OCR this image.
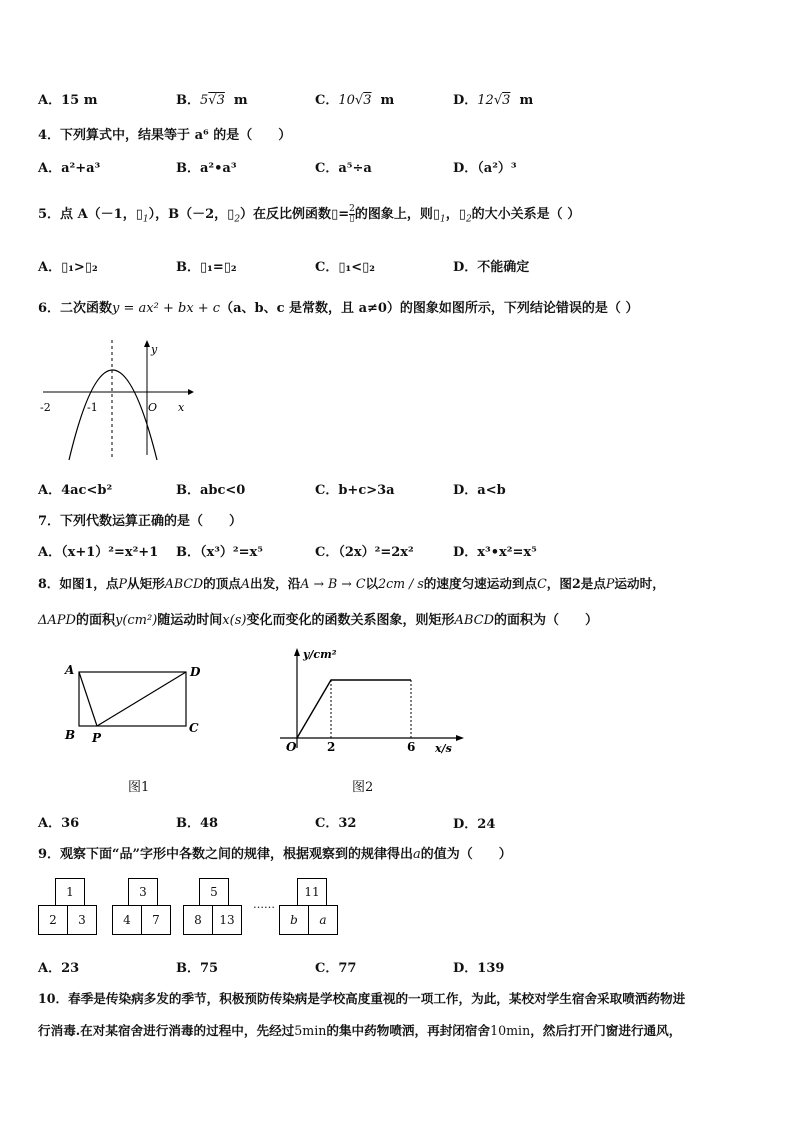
A．15 m	B．5√3 m	C．10√3 m	D．12√3 m
4．下列算式中，结果等于 a⁶ 的是（　　）
A．a²+a³	B．a²•a³	C．a⁵÷a	D．（a²）³
5．点 A（－1，$▯_1$），B（－2，$▯_2$）在反比例函数▯= 2
▯ 的图象上，则$▯_1$，$▯_2$的大小关系是（ ）
A．▯₁>▯₂	B．▯₁=▯₂	C．▯₁<▯₂	D．不能确定
6．二次函数y = ax² + bx + c（a、b、c 是常数，且 a≠0）的图象如图所示，下列结论错误的是（ ）
-2	-1	O x
y
A．4ac<b²	B．abc<0	C．b+c>3a	D．a<b
7．下列代数运算正确的是（　　）
A．（x+1）²=x²+1 B．（x³）²=x⁵	C．（2x）²=2x²	D．x³•x²=x⁵
8．如图1，点P从矩形ABCD的顶点A出发，沿A → B → C以2cm / s的速度匀速运动到点C，图2是点P运动时，
ΔAPD的面积y(cm²)随运动时间x(s)变化而变化的函数关系图象，则矩形ABCD的面积为（　　）
A	D
B P
C
图1
y/cm²
x/s
O	2	6
图2
A．36	B．48	C．32	D．24
9．观察下面“品”字形中各数之间的规律，根据观察到的规律得出a的值为（　　）
1
2	3
3
4	7
5
8	13
……
11
b	a
A．23	B．75	C．77	D．139
10．春季是传染病多发的季节，积极预防传染病是学校高度重视的一项工作，为此，某校对学生宿舍采取喷洒药物进
行消毒.在对某宿舍进行消毒的过程中，先经过5min的集中药物喷洒，再封闭宿舍10min，然后打开门窗进行通风，
